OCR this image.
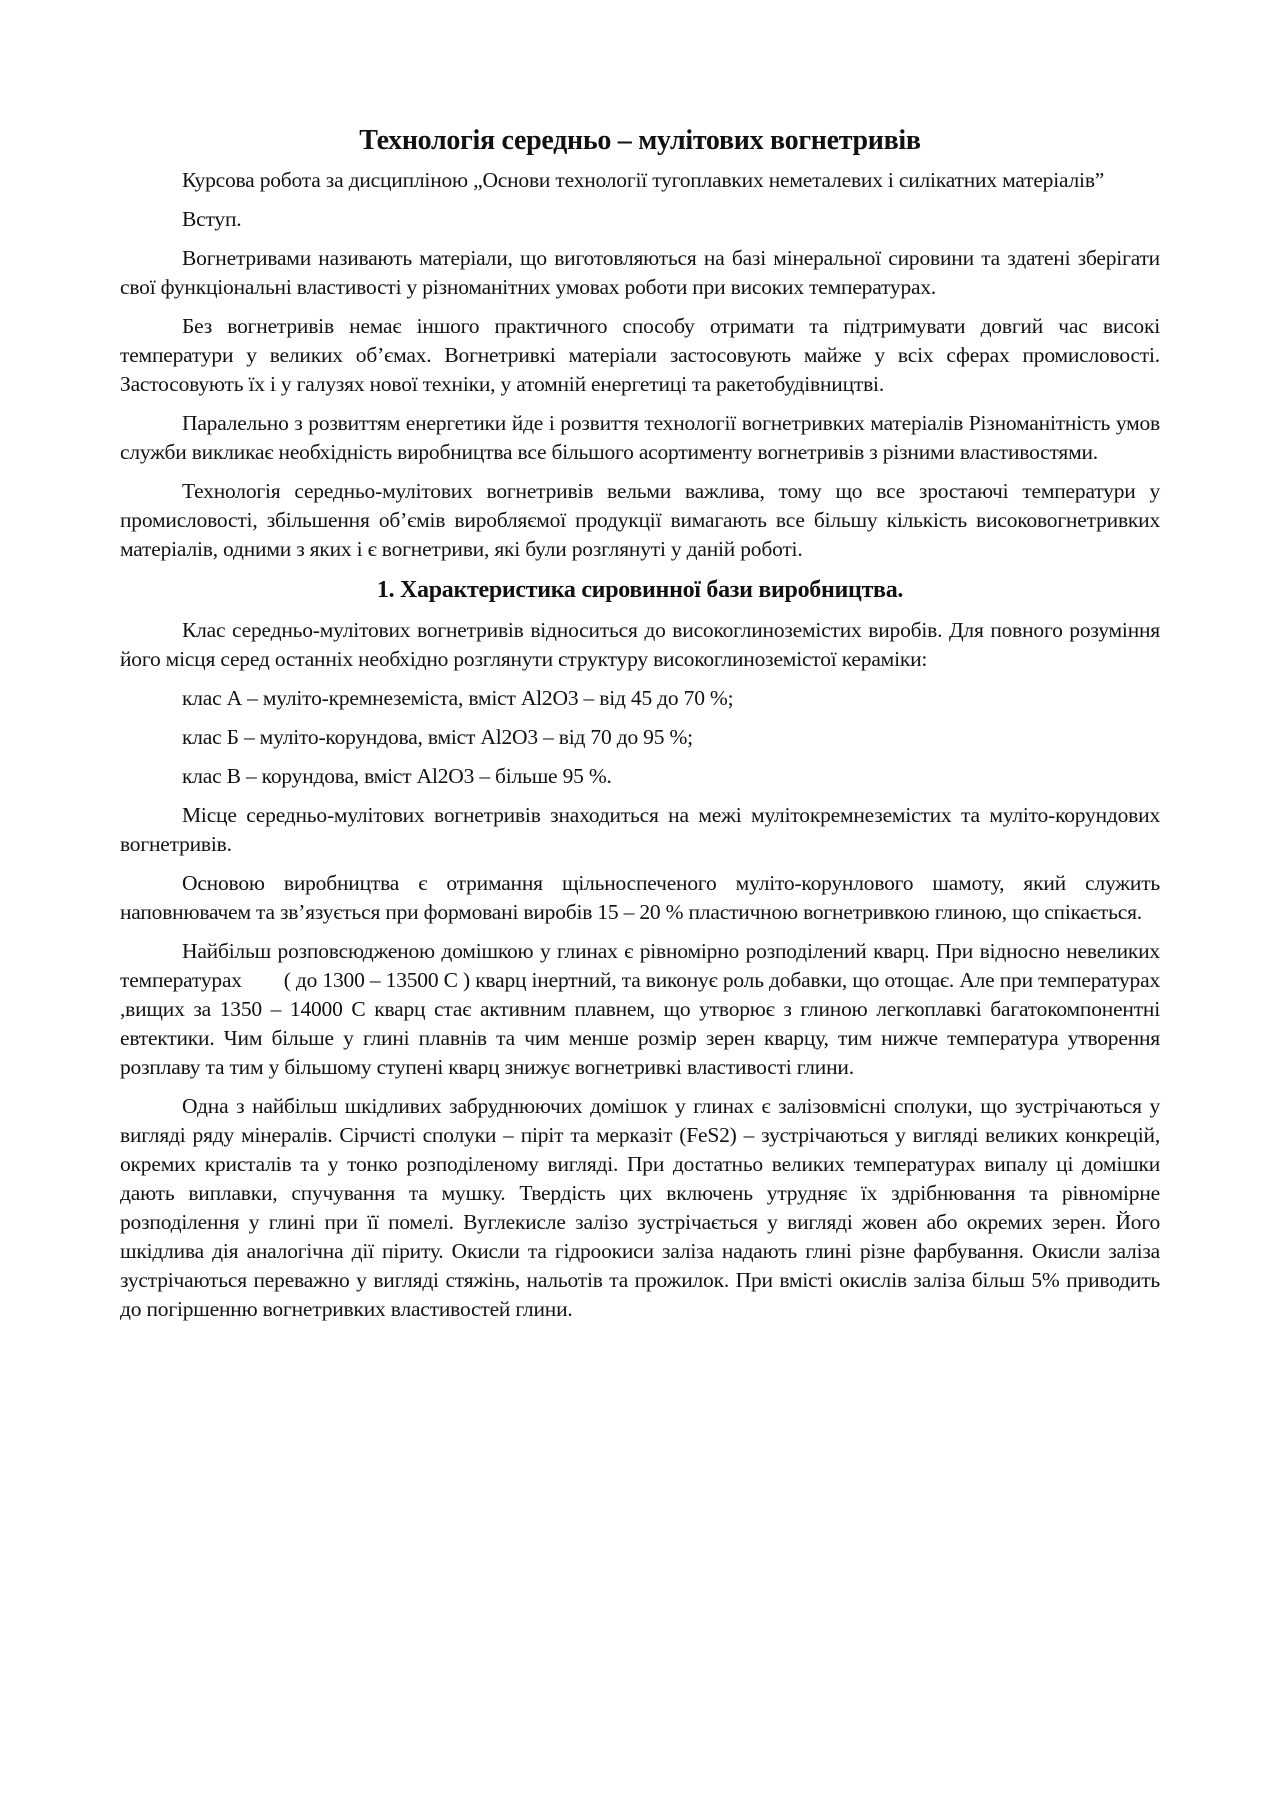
Технологія середньо – мулітових вогнетривів

Курсова робота за дисципліною „Основи технології тугоплавких неметалевих і силікатних матеріалів”

Вступ.

Вогнетривами називають матеріали, що виготовляються на базі мінеральної сировини та здатені зберігати свої функціональні властивості у різноманітних умовах роботи при високих температурах.

Без вогнетривів немає іншого практичного способу отримати та підтримувати довгий час високі температури у великих об’ємах. Вогнетривкі матеріали застосовують майже у всіх сферах промисловості. Застосовують їх і у галузях нової техніки, у атомній енергетиці та ракетобудівництві.

Паралельно з розвиттям енергетики йде і розвиття технології вогнетривких матеріалів Різноманітність умов служби викликає необхідність виробництва все більшого асортименту вогнетривів з різними властивостями.

Технологія середньо-мулітових вогнетривів вельми важлива, тому що все зростаючі температури у промисловості, збільшення об’ємів виробляємої продукції вимагають все більшу кількість високовогнетривких матеріалів, одними з яких і є вогнетриви, які були розглянуті у даній роботі.

1. Характеристика сировинної бази виробництва.

Клас середньо-мулітових вогнетривів відноситься до високоглиноземістих виробів. Для повного розуміння його місця серед останніх необхідно розглянути структуру високоглиноземістої кераміки:

клас А – муліто-кремнеземіста, вміст Al2O3 – від 45 до 70 %;

клас Б – муліто-корундова, вміст Al2O3 – від 70 до 95 %;

клас В – корундова, вміст Al2O3 – більше 95 %.

Місце середньо-мулітових вогнетривів знаходиться на межі мулітокремнеземістих та муліто-корундових вогнетривів.

Основою виробництва є отримання щільноспеченого муліто-корунлового шамоту, який служить наповнювачем та зв’язується при формовані виробів 15 – 20 % пластичною вогнетривкою глиною, що спікається.

Найбільш розповсюдженою домішкою у глинах є рівномірно розподілений кварц. При відносно невеликих температурах        ( до 1300 – 13500 С ) кварц інертний, та виконує роль добавки, що отощає. Але при температурах ,вищих за 1350 – 14000 С кварц стає активним плавнем, що утворює з глиною легкоплавкі багатокомпонентні евтектики. Чим більше у глині плавнів та чим менше розмір зерен кварцу, тим нижче температура утворення розплаву та тим у більшому ступені кварц знижує вогнетривкі властивості глини.

Одна з найбільш шкідливих забруднюючих домішок у глинах є залізовмісні сполуки, що зустрічаються у вигляді ряду мінералів. Сірчисті сполуки – пiрiт та меркaзiт (FeS2) – зустрічаються у вигляді великих конкрецій, окремих кристалів та у тонко розподіленому вигляді. При достатньо великих температурах випалу ці домішки дають виплавки, спучування та мушку. Твердість цих включень утрудняє їх здрібнювання та рівномірне розподілення у глині при її помелі. Вуглекисле залізо зустрічається у вигляді жовен або окремих зерен. Його шкідлива дія аналогічна дії піриту. Окисли та гідроокиси заліза надають глині різне фарбування. Окисли заліза зустрічаються переважно у вигляді стяжінь, нальотів та прожилок. При вмісті окислів заліза більш 5% приводить до погіршенню вогнетривких властивостей глини.
